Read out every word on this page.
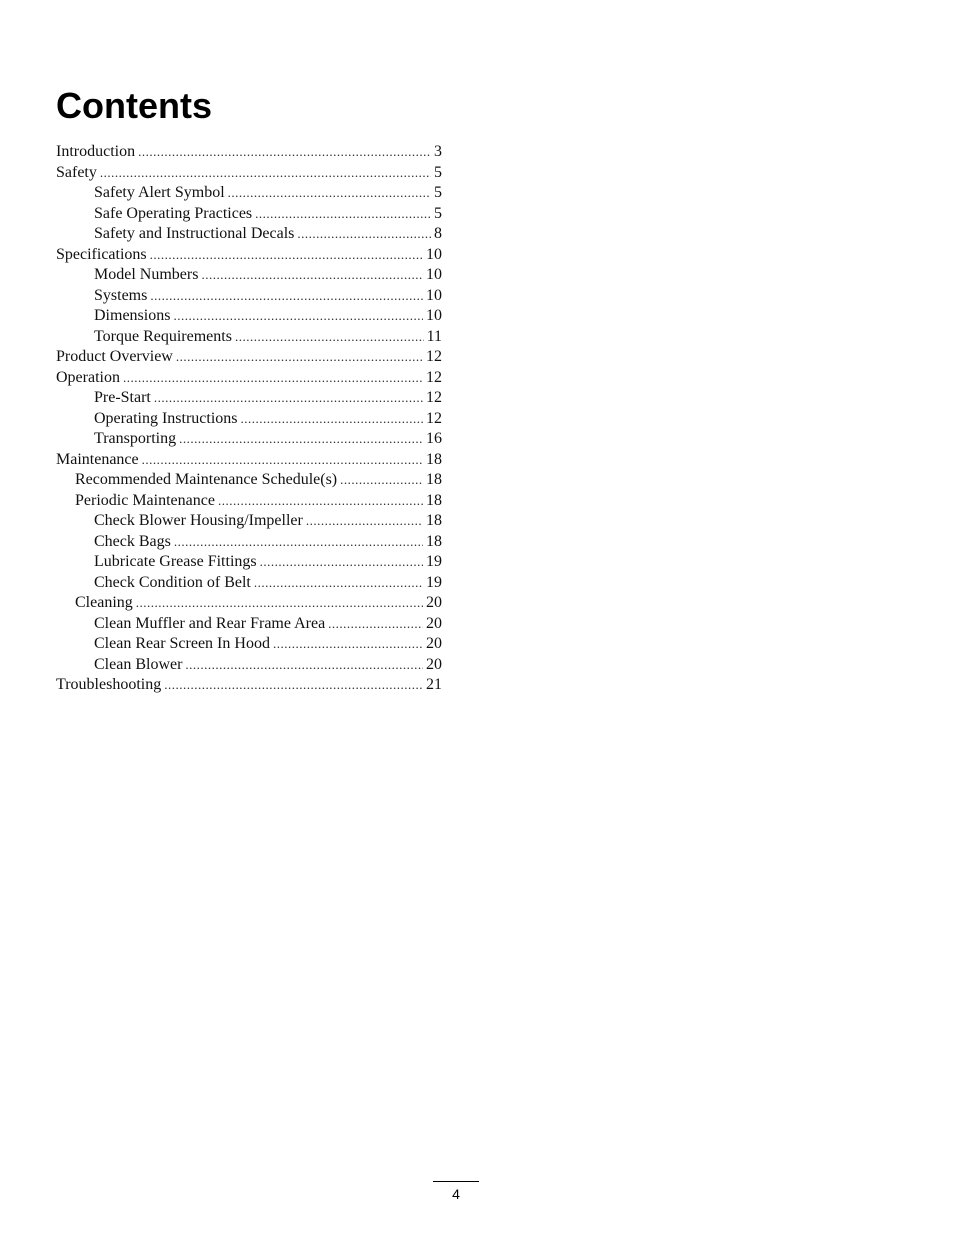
Contents
Introduction .....	3
Safety .....	5
Safety Alert Symbol .....	5
Safe Operating Practices .....	5
Safety and Instructional Decals .....	8
Specifications .....	10
Model Numbers .....	10
Systems .....	10
Dimensions .....	10
Torque Requirements .....	11
Product Overview .....	12
Operation .....	12
Pre-Start .....	12
Operating Instructions .....	12
Transporting .....	16
Maintenance .....	18
Recommended Maintenance Schedule(s) .....	18
Periodic Maintenance .....	18
Check Blower Housing/Impeller .....	18
Check Bags .....	18
Lubricate Grease Fittings .....	19
Check Condition of Belt .....	19
Cleaning .....	20
Clean Muffler and Rear Frame Area .....	20
Clean Rear Screen In Hood .....	20
Clean Blower .....	20
Troubleshooting .....	21
4
